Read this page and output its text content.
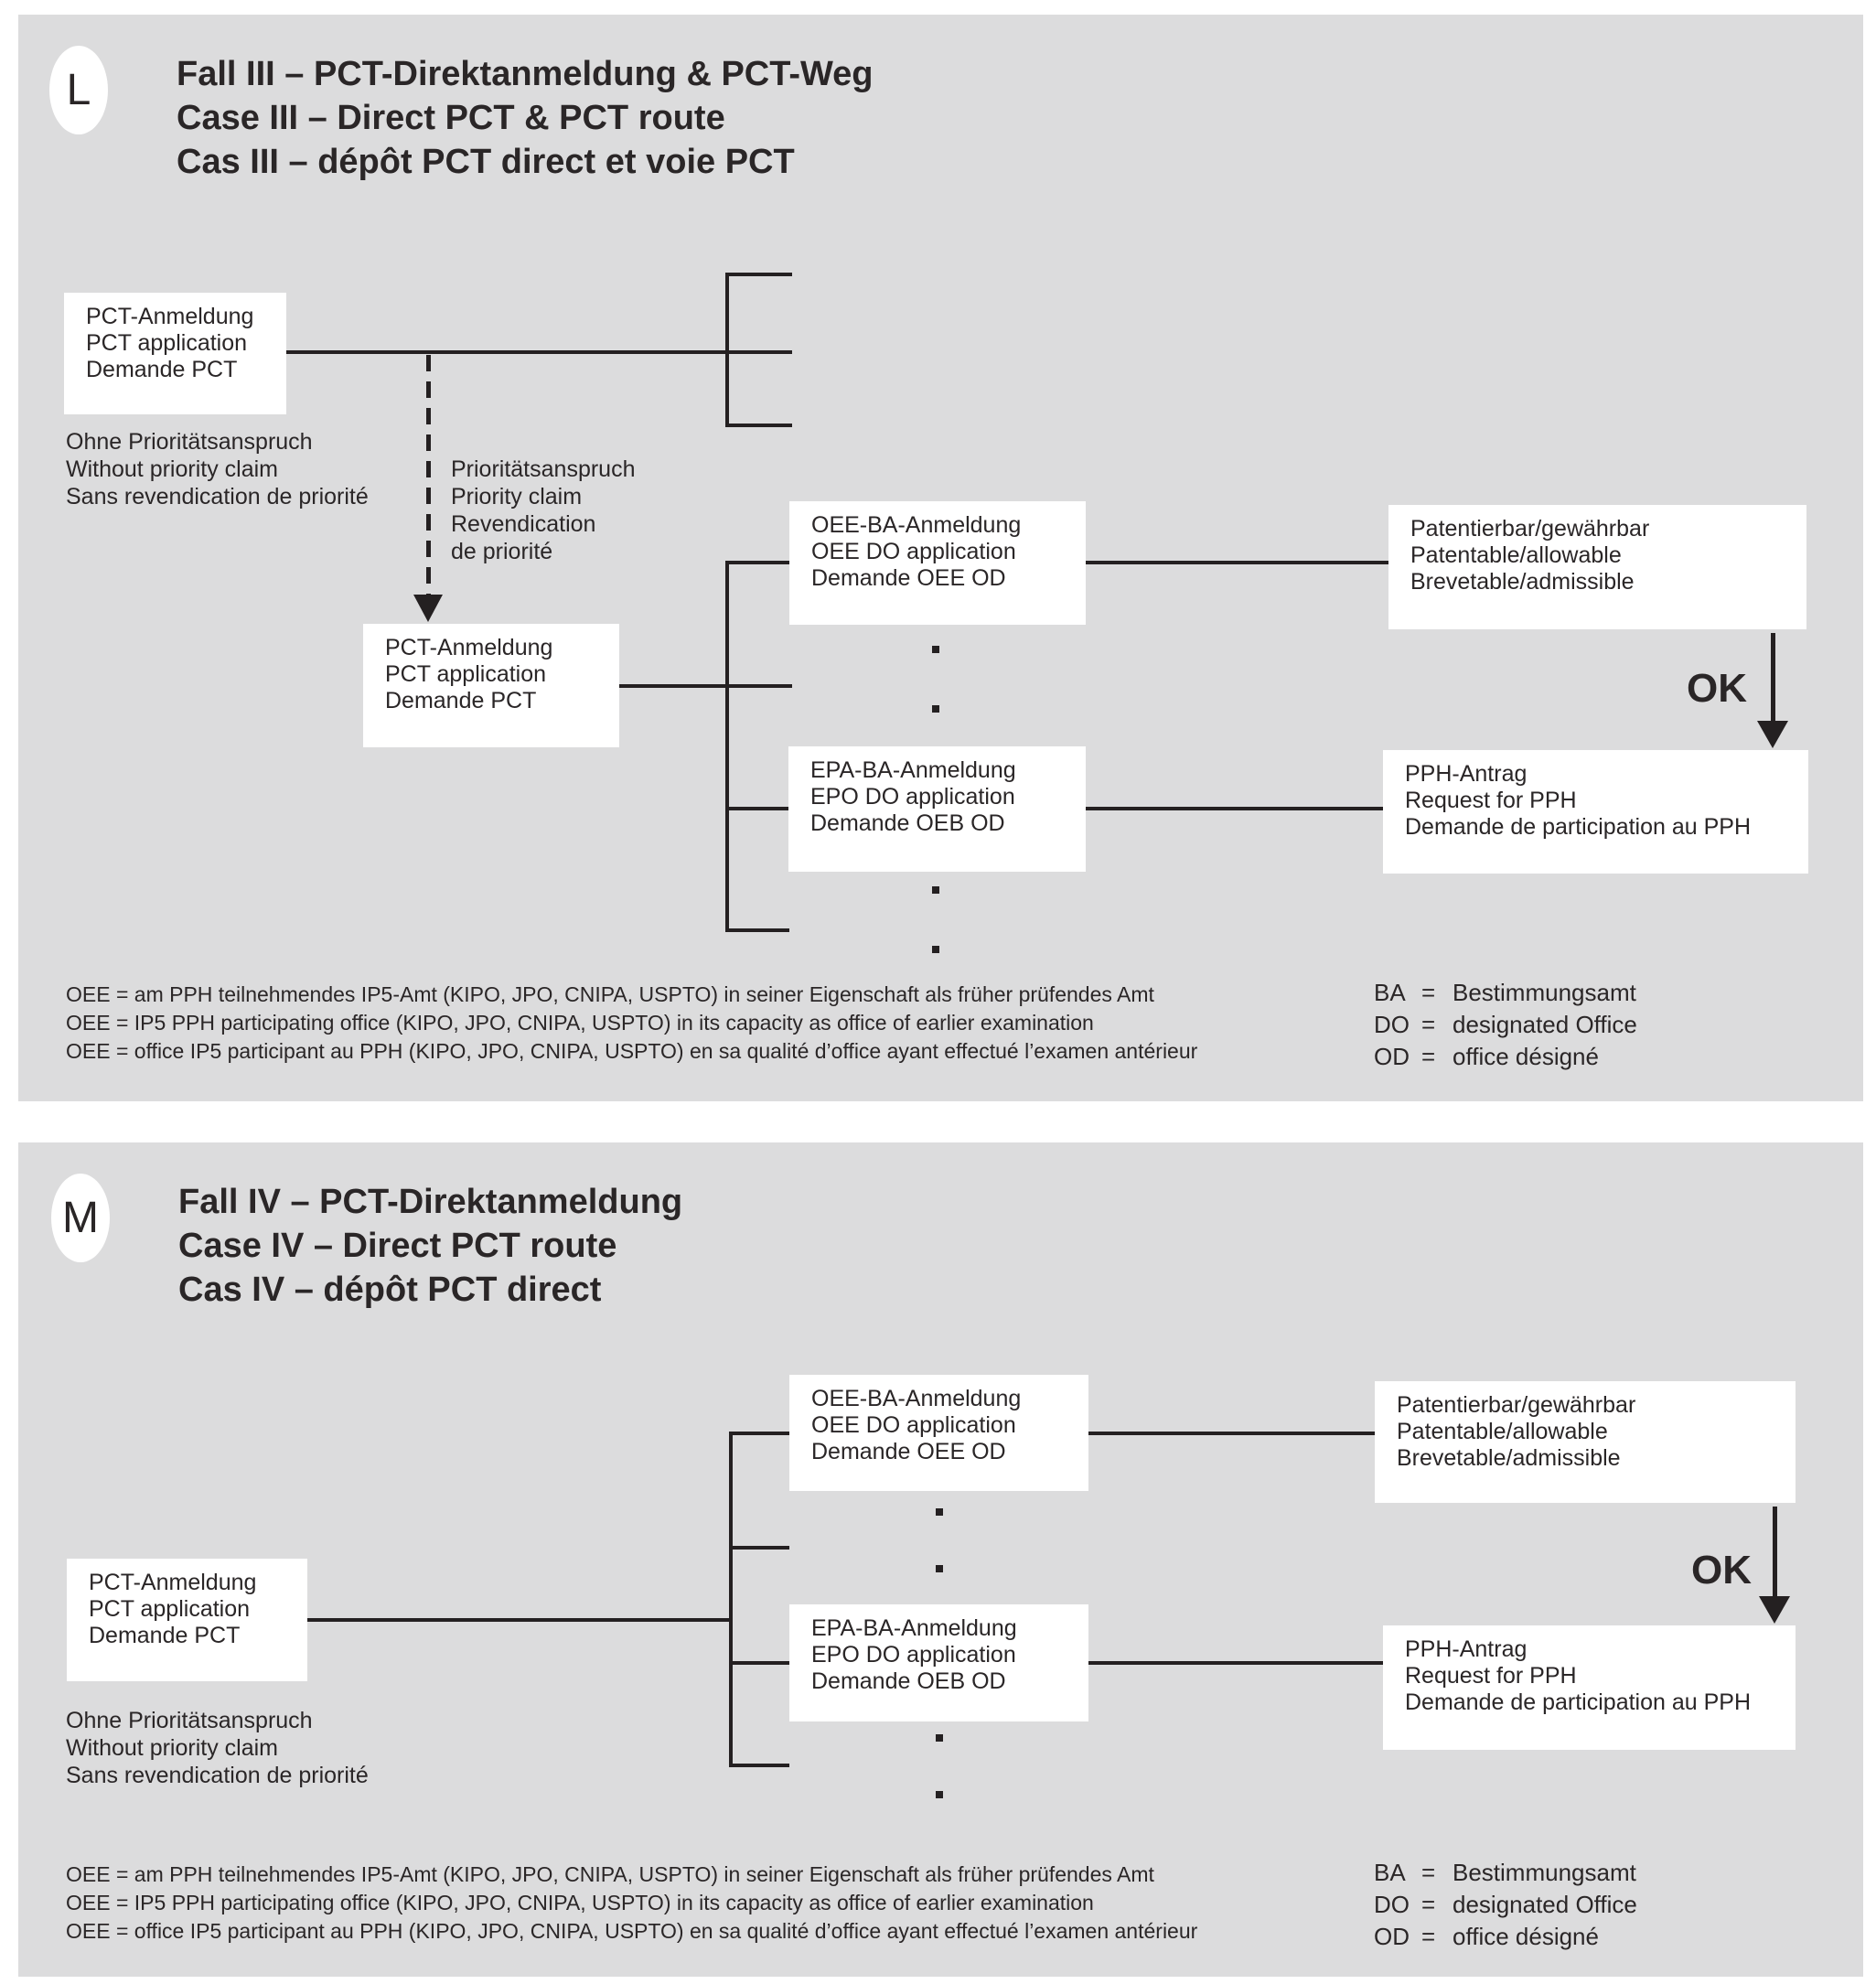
L Fall III – PCT-Direktanmeldung & PCT-Weg
Case III – Direct PCT & PCT route
Cas III – dépôt PCT direct et voie PCT
PCT-Anmeldung
PCT application
Demande PCT
Ohne Prioritätsanspruch
Without priority claim
Sans revendication de priorité
Prioritätsanspruch
Priority claim
Revendication
de priorité
PCT-Anmeldung
PCT application
Demande PCT
OEE-BA-Anmeldung
OEE DO application
Demande OEE OD
EPA-BA-Anmeldung
EPO DO application
Demande OEB OD
Patentierbar/gewährbar
Patentable/allowable
Brevetable/admissible
OK
PPH-Antrag
Request for PPH
Demande de participation au PPH
OEE = am PPH teilnehmendes IP5-Amt (KIPO, JPO, CNIPA, USPTO) in seiner Eigenschaft als früher prüfendes Amt
OEE = IP5 PPH participating office (KIPO, JPO, CNIPA, USPTO) in its capacity as office of earlier examination
OEE = office IP5 participant au PPH (KIPO, JPO, CNIPA, USPTO) en sa qualité d’office ayant effectué l’examen antérieur
BA = Bestimmungsamt
DO = designated Office
OD = office désigné
M Fall IV – PCT-Direktanmeldung
Case IV – Direct PCT route
Cas IV – dépôt PCT direct
PCT-Anmeldung
PCT application
Demande PCT
Ohne Prioritätsanspruch
Without priority claim
Sans revendication de priorité
OEE-BA-Anmeldung
OEE DO application
Demande OEE OD
EPA-BA-Anmeldung
EPO DO application
Demande OEB OD
Patentierbar/gewährbar
Patentable/allowable
Brevetable/admissible
OK
PPH-Antrag
Request for PPH
Demande de participation au PPH
OEE = am PPH teilnehmendes IP5-Amt (KIPO, JPO, CNIPA, USPTO) in seiner Eigenschaft als früher prüfendes Amt
OEE = IP5 PPH participating office (KIPO, JPO, CNIPA, USPTO) in its capacity as office of earlier examination
OEE = office IP5 participant au PPH (KIPO, JPO, CNIPA, USPTO) en sa qualité d’office ayant effectué l’examen antérieur
BA = Bestimmungsamt
DO = designated Office
OD = office désigné
